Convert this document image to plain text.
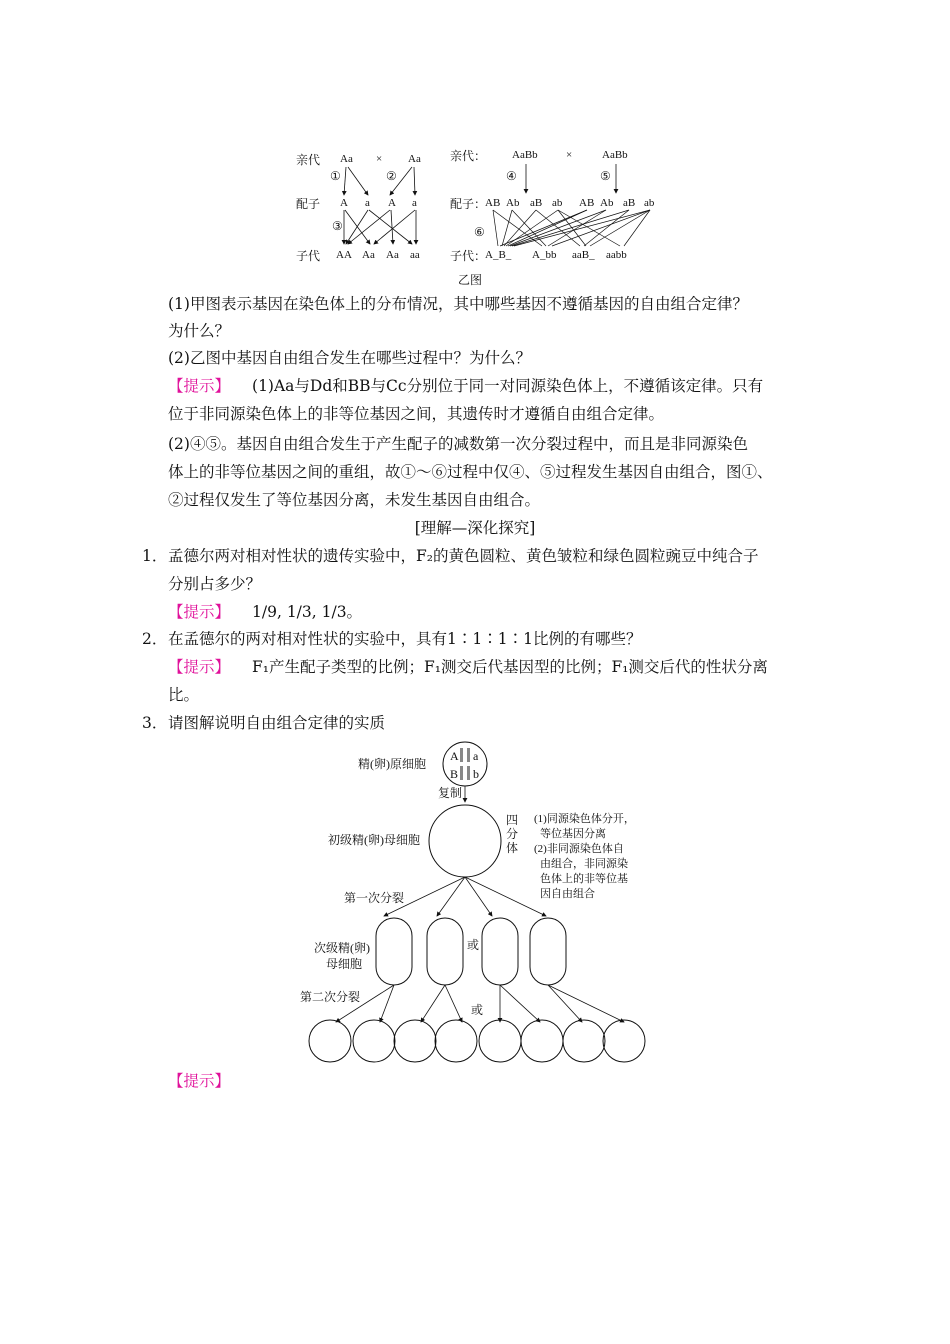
亲代 Aa × Aa
①	②
配子 A a A a
③
子代 AA Aa Aa aa
亲代： AaBb	×	AaBb
④	⑤
配子：
AB Ab aB ab AB Ab aB ab
⑥
子代：
A_B_ A_bb aaB_ aabb
乙图
(1)甲图表示基因在染色体上的分布情况，其中哪些基因不遵循基因的自由组合定律？
为什么？
(2)乙图中基因自由组合发生在哪些过程中？为什么？
【提示】 (1)Aa与Dd和BB与Cc分别位于同一对同源染色体上，不遵循该定律。只有
位于非同源染色体上的非等位基因之间，其遗传时才遵循自由组合定律。
(2)④⑤。基因自由组合发生于产生配子的减数第一次分裂过程中，而且是非同源染色
体上的非等位基因之间的重组，故①～⑥过程中仅④、⑤过程发生基因自由组合，图①、
②过程仅发生了等位基因分离，未发生基因自由组合。
[理解—深化探究]
1． 孟德尔两对相对性状的遗传实验中，F₂的黄色圆粒、黄色皱粒和绿色圆粒豌豆中纯合子
分别占多少？
【提示】 1/9, 1/3, 1/3。
2． 在孟德尔的两对相对性状的实验中，具有1∶1∶1∶1比例的有哪些？
【提示】 F₁产生配子类型的比例；F₁测交后代基因型的比例；F₁测交后代的性状分离
比。
3． 请图解说明自由组合定律的实质
精(卵)原细胞
A a
B b
复制
初级精(卵)母细胞
四
分
体
(1)同源染色体分开，
等位基因分离
(2)非同源染色体自
由组合，非同源染
色体上的非等位基
因自由组合
第一次分裂
次级精(卵)
母细胞
或
第二次分裂
或
【提示】
